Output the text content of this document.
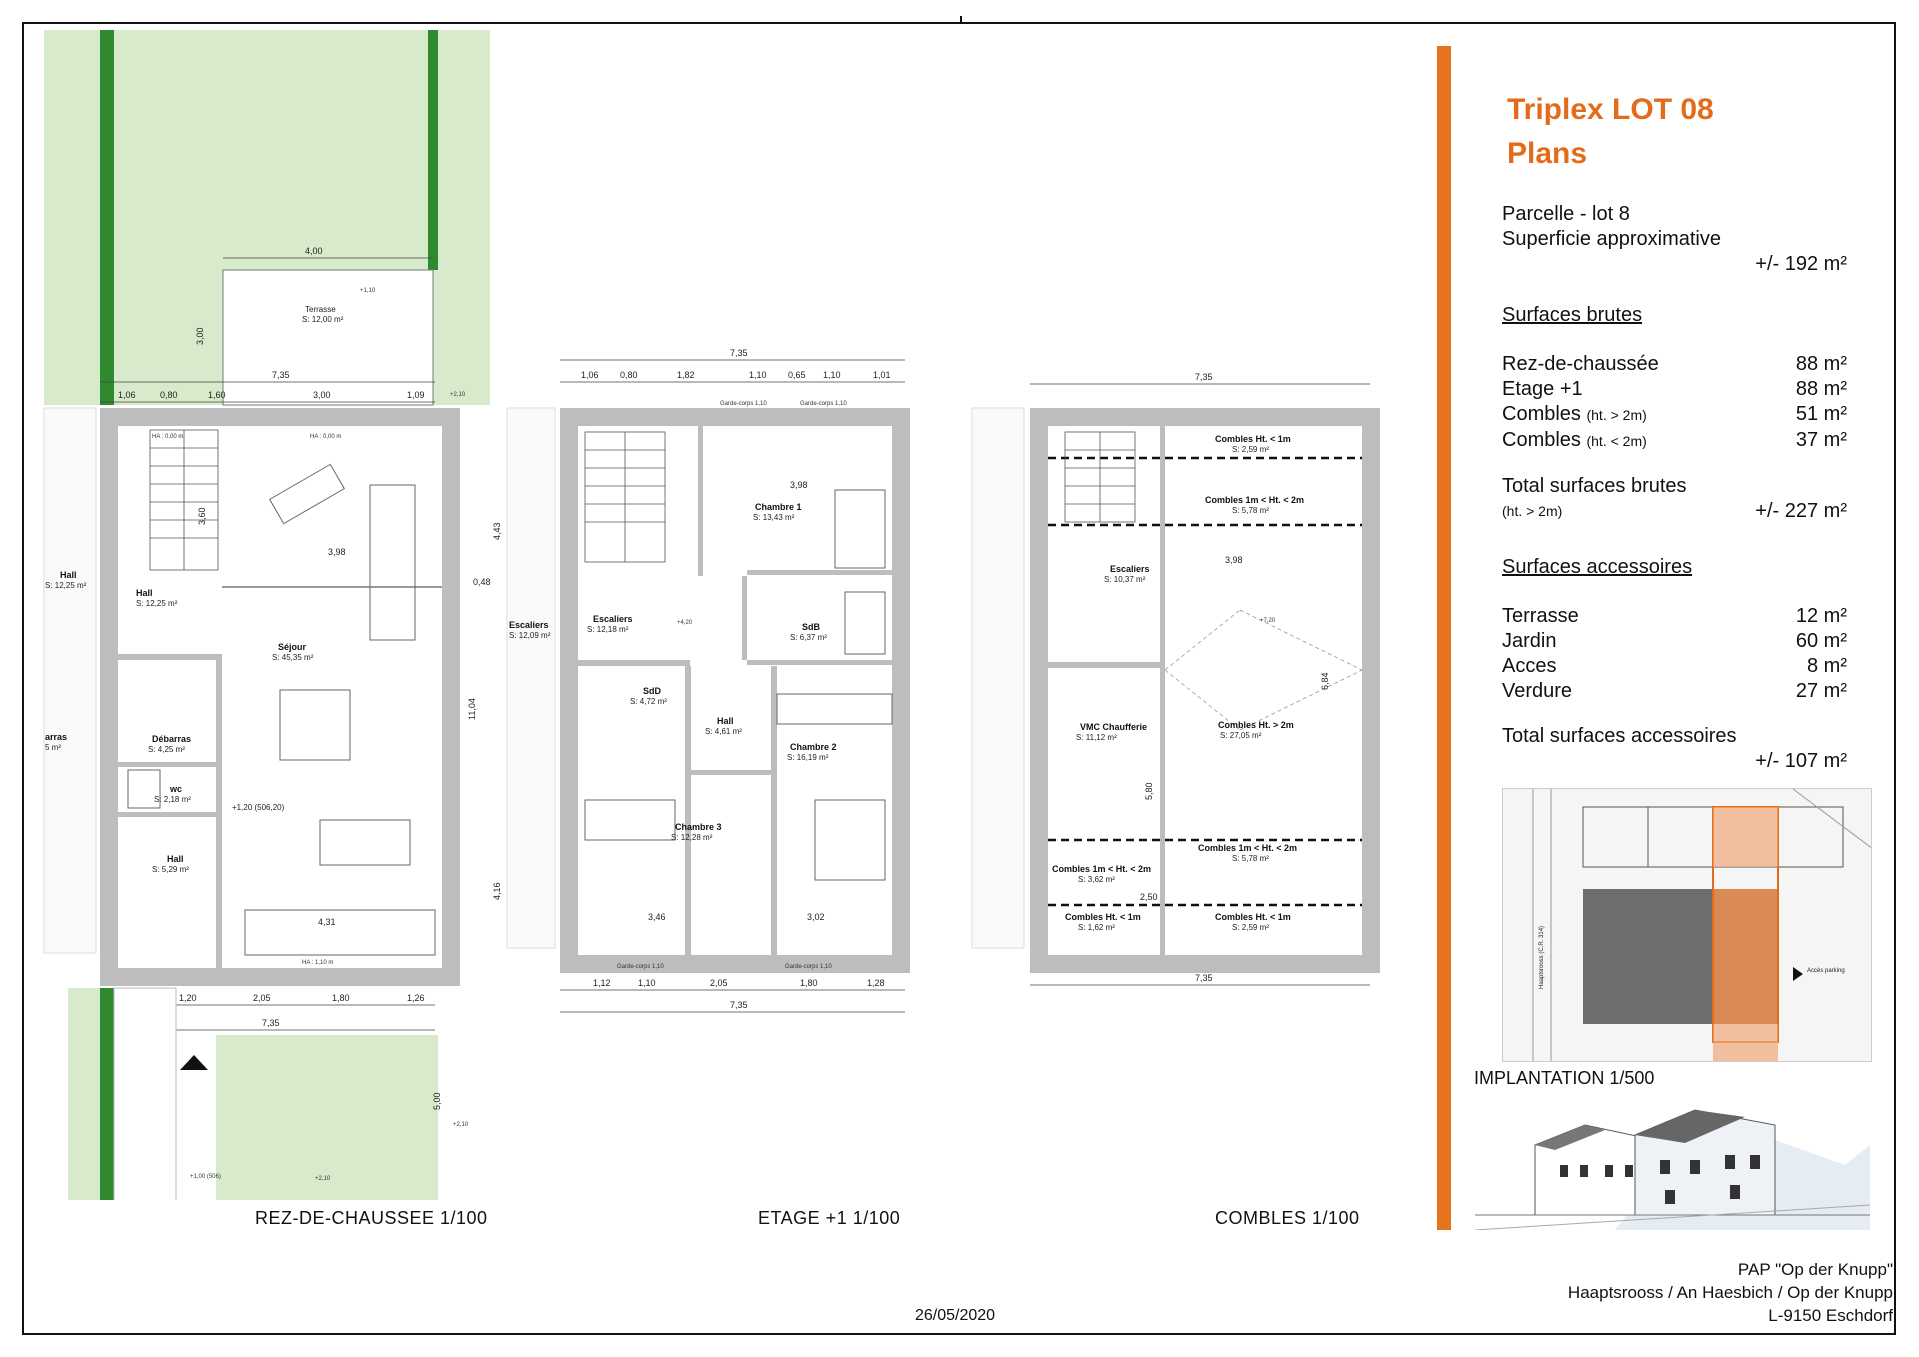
Terrasse
S: 12,00 m²
4,00
+1,10
3,00
7,35
1,06	0,80	1,60	3,00	1,09	+2,10
Hall
S: 12,25 m²
arras
5 m²
3,60
Hall
S: 12,25 m²
Séjour
S: 45,35 m²
Débarras
S: 4,25 m²
wc
S: 2,18 m²
Hall
S: 5,29 m²
+1,20 (506,20)
3,98
4,31
HA : 0,00 m	HA : 0,00 m
HA : 1,10 m
0,48
11,04
4,43
4,16
1,20	2,05	1,80	1,26
7,35
5,00
+2,10
+1,00 (506)	+2,10
REZ-DE-CHAUSSEE 1/100
7,35
1,06 0,80	1,82	1,10 0,65 1,10	1,01
Escaliers
S: 12,09 m²
Chambre 1
S: 13,43 m²
Escaliers
S: 12,18 m²	SdB
S: 6,37 m²
SdD
S: 4,72 m²
Hall
S: 4,61 m²
Chambre 2
S: 16,19 m²
Chambre 3
S: 12,28 m²
+4,20
3,98
3,46	3,02
Garde-corps 1,10	Garde-corps 1,10
Garde-corps 1,10	Garde-corps 1,10
1,12	1,10	2,05	1,80	1,28
7,35
ETAGE +1 1/100
7,35
Combles Ht. < 1m
S: 2,59 m²
Combles 1m < Ht. < 2m
S: 5,78 m²
Escaliers
S: 10,37 m²
VMC Chaufferie
S: 11,12 m²
Combles Ht. > 2m
S: 27,05 m²
Combles 1m < Ht. < 2m
S: 3,62 m²
Combles 1m < Ht. < 2m
S: 5,78 m²
Combles Ht. < 1m
S: 1,62 m²
Combles Ht. < 1m
S: 2,59 m²
+7,20
3,98
2,50
5,80
6,84
7,35
COMBLES 1/100
Triplex LOT 08
Plans
Parcelle - lot 8
Superficie approximative
+/- 192 m²
Surfaces brutes
Rez-de-chaussée	88 m²
Etage +1	88 m²
Combles (ht. > 2m)	51 m²
Combles (ht. < 2m)	37 m²
Total surfaces brutes
(ht. > 2m)	+/- 227 m²
Surfaces accessoires
Terrasse	12 m²
Jardin	60 m²
Acces	8 m²
Verdure	27 m²
Total surfaces accessoires
+/- 107 m²
Accès parking
Haaptsrooss (C.R. 314)
IMPLANTATION 1/500
PAP "Op der Knupp"
Haaptsrooss / An Haesbich / Op der Knupp
L-9150 Eschdorf
26/05/2020
